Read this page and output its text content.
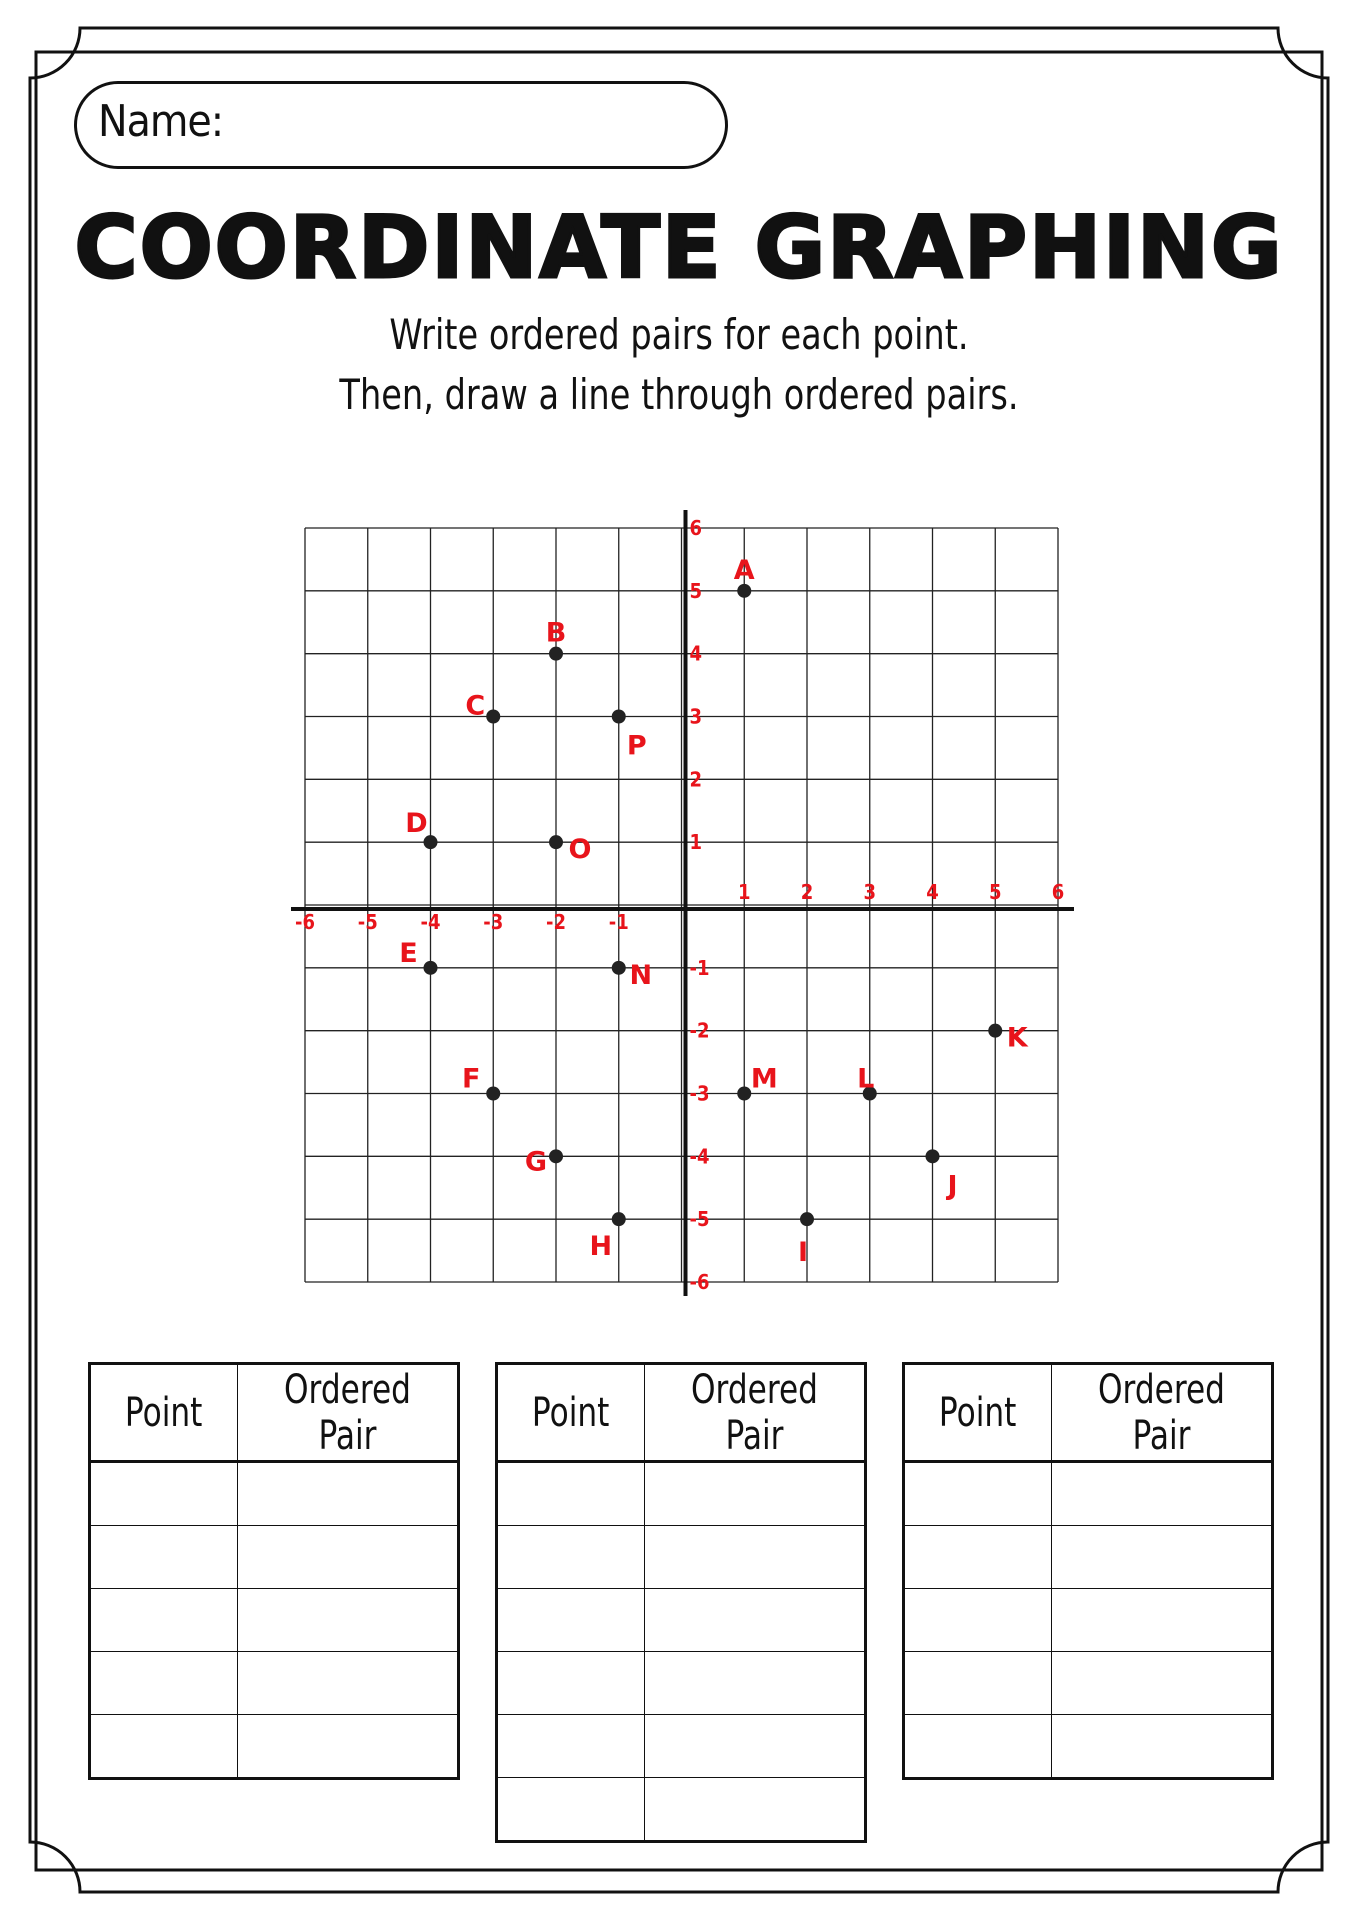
Name:
COORDINATE GRAPHING
Write ordered pairs for each point.
Then, draw a line through ordered pairs.
-6 -5 -4 -3 -2 -1
1	2	3	4	5	6
6
5
4
3
2
1
-1
-2
-3
-4
-5
-6
A
B
C
D
E
F
G
H	I
J
K
L
M
N
O
P
Point	Ordered Pair

		Point	Ordered Pair

		Point	Ordered Pair
